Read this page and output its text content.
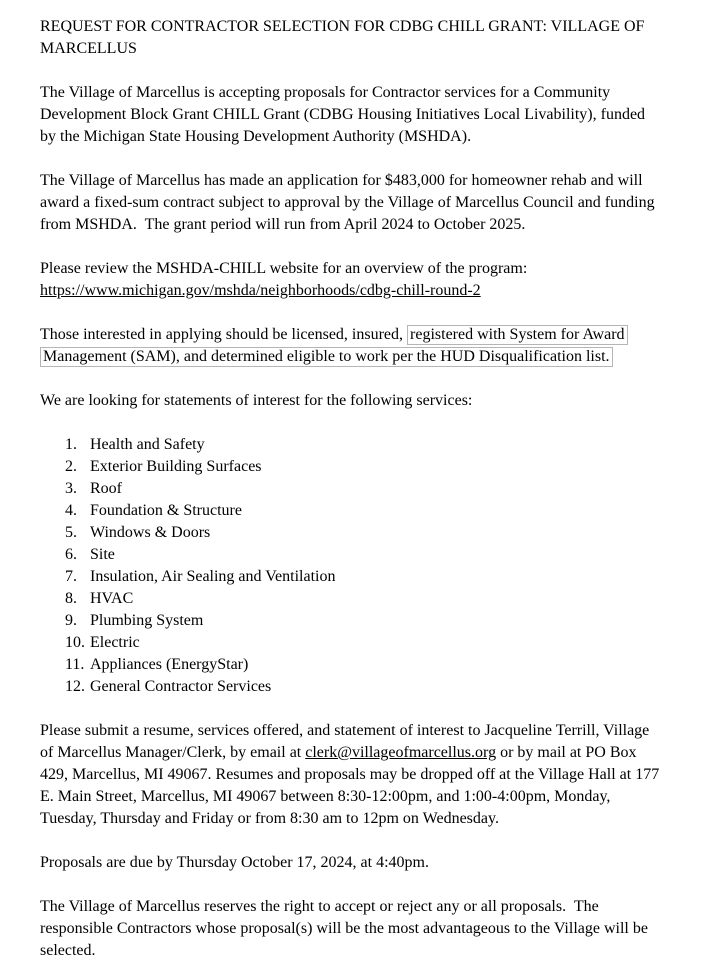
REQUEST FOR CONTRACTOR SELECTION FOR CDBG CHILL GRANT: VILLAGE OF
MARCELLUS
The Village of Marcellus is accepting proposals for Contractor services for a Community
Development Block Grant CHILL Grant (CDBG Housing Initiatives Local Livability), funded
by the Michigan State Housing Development Authority (MSHDA).
The Village of Marcellus has made an application for $483,000 for homeowner rehab and will
award a fixed-sum contract subject to approval by the Village of Marcellus Council and funding
from MSHDA.  The grant period will run from April 2024 to October 2025.
Please review the MSHDA-CHILL website for an overview of the program:
https://www.michigan.gov/mshda/neighborhoods/cdbg-chill-round-2
Those interested in applying should be licensed, insured, registered with System for Award
Management (SAM), and determined eligible to work per the HUD Disqualification list.
We are looking for statements of interest for the following services:
1. Health and Safety
2. Exterior Building Surfaces
3. Roof
4. Foundation & Structure
5. Windows & Doors
6. Site
7. Insulation, Air Sealing and Ventilation
8. HVAC
9. Plumbing System
10. Electric
11. Appliances (EnergyStar)
12. General Contractor Services
Please submit a resume, services offered, and statement of interest to Jacqueline Terrill, Village
of Marcellus Manager/Clerk, by email at clerk@villageofmarcellus.org or by mail at PO Box
429, Marcellus, MI 49067. Resumes and proposals may be dropped off at the Village Hall at 177
E. Main Street, Marcellus, MI 49067 between 8:30-12:00pm, and 1:00-4:00pm, Monday,
Tuesday, Thursday and Friday or from 8:30 am to 12pm on Wednesday.
Proposals are due by Thursday October 17, 2024, at 4:40pm.
The Village of Marcellus reserves the right to accept or reject any or all proposals.  The
responsible Contractors whose proposal(s) will be the most advantageous to the Village will be
selected.
